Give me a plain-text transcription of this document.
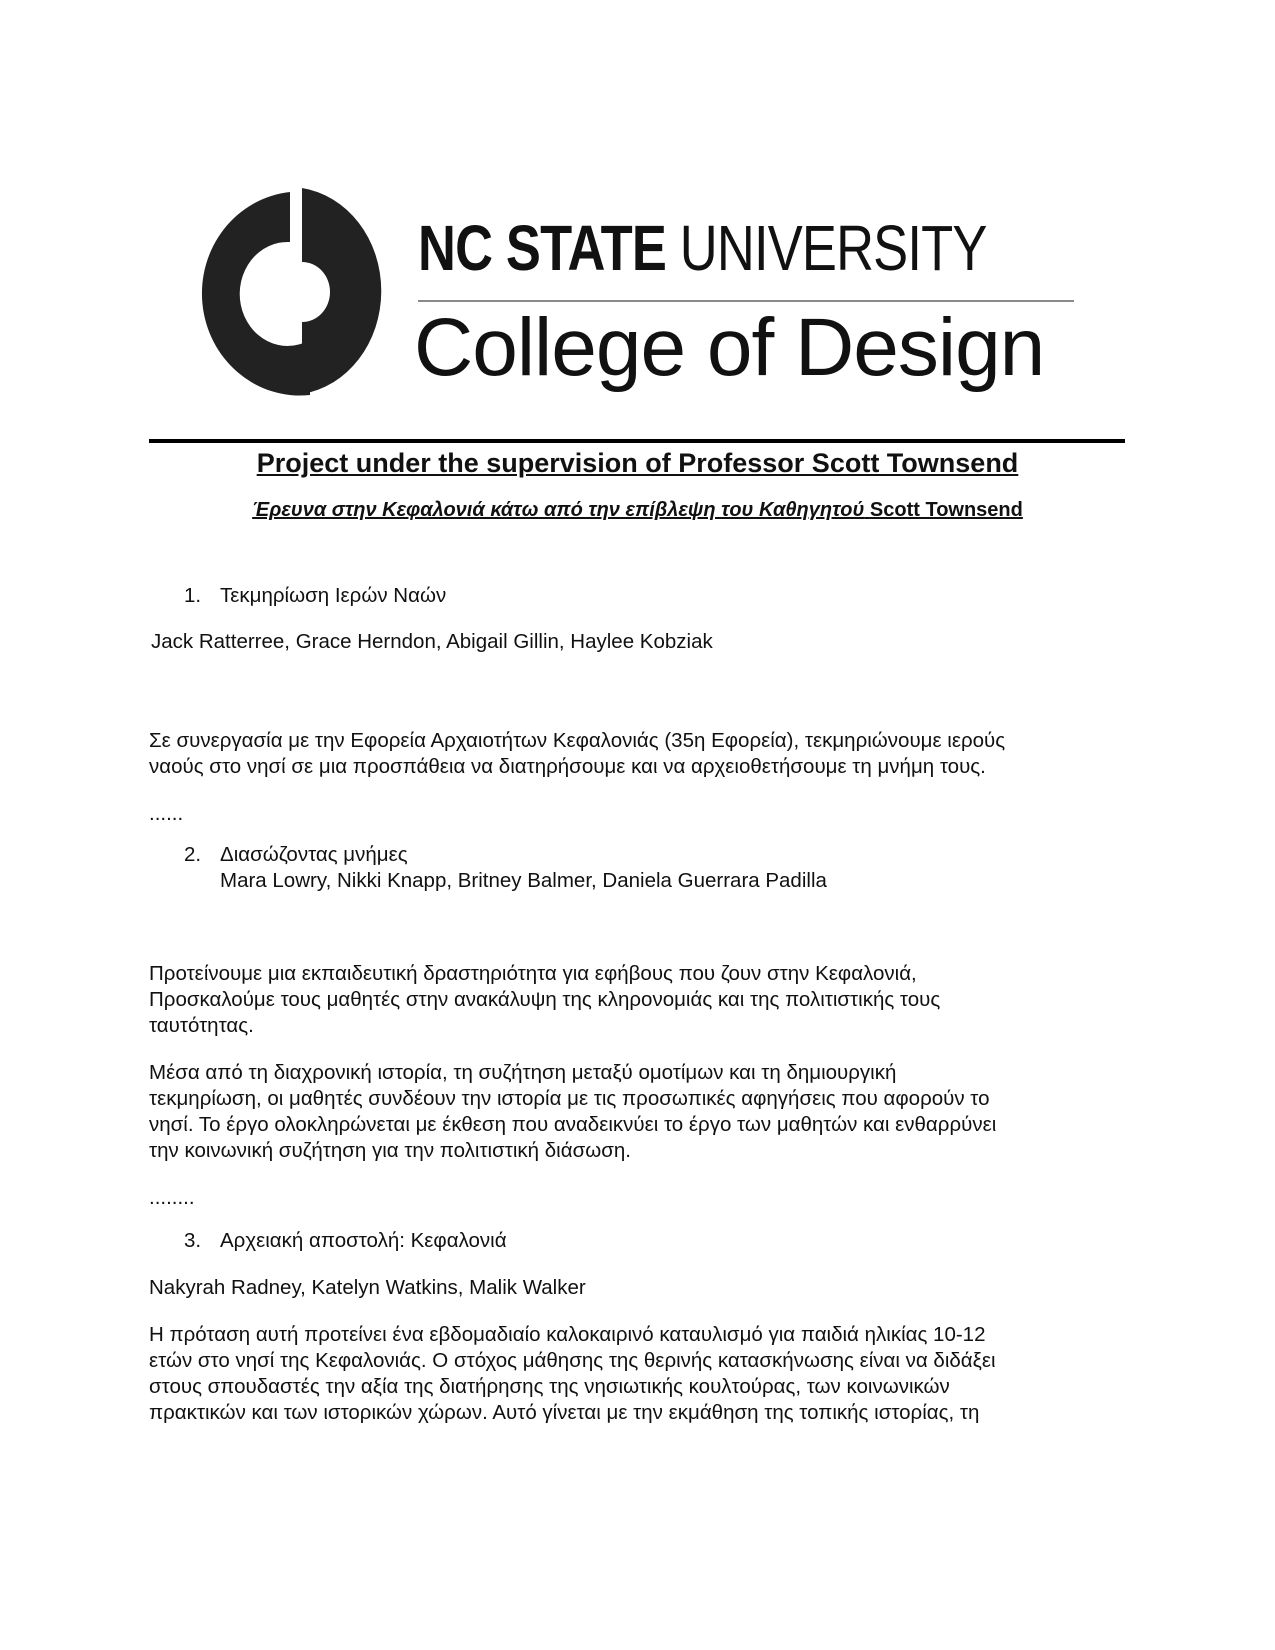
NC STATE UNIVERSITY
College of Design
Project under the supervision of Professor Scott Townsend
Έρευνα στην Κεφαλονιά κάτω από την επίβλεψη του Καθηγητού Scott Townsend
1. Τεκμηρίωση Ιερών Ναών
Jack Ratterree, Grace Herndon, Abigail Gillin, Haylee Kobziak
Σε συνεργασία με την Εφορεία Αρχαιοτήτων Κεφαλονιάς (35η Εφορεία), τεκμηριώνουμε ιερούς
ναούς στο νησί σε μια προσπάθεια να διατηρήσουμε και να αρχειοθετήσουμε τη μνήμη τους.
......
2. Διασώζοντας μνήμες
Mara Lowry, Nikki Knapp, Britney Balmer, Daniela Guerrara Padilla
Προτείνουμε μια εκπαιδευτική δραστηριότητα για εφήβους που ζουν στην Κεφαλονιά,
Προσκαλούμε τους μαθητές στην ανακάλυψη της κληρονομιάς και της πολιτιστικής τους
ταυτότητας.
Μέσα από τη διαχρονική ιστορία, τη συζήτηση μεταξύ ομοτίμων και τη δημιουργική
τεκμηρίωση, οι μαθητές συνδέουν την ιστορία με τις προσωπικές αφηγήσεις που αφορούν το
νησί. Το έργο ολοκληρώνεται με έκθεση που αναδεικνύει το έργο των μαθητών και ενθαρρύνει
την κοινωνική συζήτηση για την πολιτιστική διάσωση.
........
3. Αρχειακή αποστολή: Κεφαλονιά
Nakyrah Radney, Katelyn Watkins, Malik Walker
Η πρόταση αυτή προτείνει ένα εβδομαδιαίο καλοκαιρινό καταυλισμό για παιδιά ηλικίας 10-12
ετών στο νησί της Κεφαλονιάς. Ο στόχος μάθησης της θερινής κατασκήνωσης είναι να διδάξει
στους σπουδαστές την αξία της διατήρησης της νησιωτικής κουλτούρας, των κοινωνικών
πρακτικών και των ιστορικών χώρων. Αυτό γίνεται με την εκμάθηση της τοπικής ιστορίας, τη
